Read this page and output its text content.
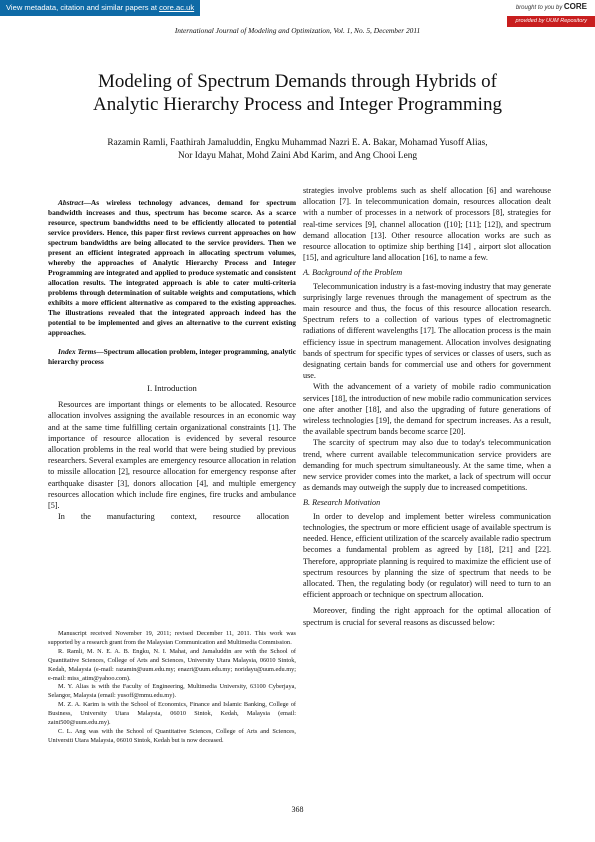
View metadata, citation and similar papers at core.ac.uk	brought to you by CORE
provided by UUM Repository
International Journal of Modeling and Optimization, Vol. 1, No. 5, December 2011
Modeling of Spectrum Demands through Hybrids of
Analytic Hierarchy Process and Integer Programming
Razamin Ramli, Faathirah Jamaluddin, Engku Muhammad Nazri E. A. Bakar, Mohamad Yusoff Alias,
Nor Idayu Mahat, Mohd Zaini Abd Karim, and Ang Chooi Leng

Abstract—As wireless technology advances, demand for spectrum bandwidth increases and thus, spectrum has become scarce. As a scarce resource, spectrum bandwidths need to be efficiently allocated to potential service providers. Hence, this paper first reviews current approaches on how spectrum bandwidths are being allocated to the service providers. Then we present an efficient integrated approach in allocating spectrum volumes, whereby the approaches of Analytic Hierarchy Process and Integer Programming are integrated and applied to produce systematic and consistent allocation results. The integrated approach is able to cater multi-criteria problems through determination of suitable weights and computations, which exhibits a more efficient alternative as compared to the existing approaches. The illustrations revealed that the integrated approach indeed has the potential to be implemented and gives an alternative to the current existing approaches.

Index Terms—Spectrum allocation problem, integer programming, analytic hierarchy process

I. Introduction

Resources are important things or elements to be allocated. Resource allocation involves assigning the available resources in an economic way and at the same time fulfilling certain organizational constraints [1]. The importance of resource allocation is evidenced by several resource allocation problems in the real world that were being studied by previous researchers. Several examples are emergency resource allocation in relation to missile allocation [2], resource allocation for emergency response after earthquake disaster [3], donors allocation [4], and multiple emergency resources allocation which include fire engines, fire trucks and ambulance [5].

In the manufacturing context, resource allocation

Manuscript received November 19, 2011; revised December 11, 2011. This work was supported by a research grant from the Malaysian Communication and Multimedia Commission.

R. Ramli, M. N. E. A. B. Engku, N. I. Mahat, and Jamaluddin are with the School of Quantitative Sciences, College of Arts and Sciences, University Utara Malaysia, 06010 Sintok, Kedah, Malaysia (e-mail: razamin@uum.edu.my; enazri@uum.edu.my; noridayu@uum.edu.my; e-mail: miss_atim@yahoo.com).

M. Y. Alias is with the Faculty of Engineering, Multimedia University, 63100 Cyberjaya, Selangor, Malaysia (email: yusoff@mmu.edu.my).

M. Z. A. Karim is with the School of Economics, Finance and Islamic Banking, College of Business, University Utara Malaysia, 06010 Sintok, Kedah, Malaysia (email: zaini500@uum.edu.my).

C. L. Ang was with the School of Quantitative Sciences, College of Arts and Sciences, Universiti Utara Malaysia, 06010 Sintok, Kedah but is now deceased.

strategies involve problems such as shelf allocation [6] and warehouse allocation [7]. In telecommunication domain, resources allocation dealt with a number of processes in a network of processors [8], strategies for real-time services [9], channel allocation ([10]; [11]; [12]), and spectrum demand allocation [13]. Other resource allocation works are such as resource allocation to optimize ship berthing [14] , airport slot allocation [15], and agriculture land allocation [16], to name a few.

A. Background of the Problem

Telecommunication industry is a fast-moving industry that may generate surprisingly large revenues through the management of spectrum as the main resource and thus, the focus of this resource allocation research. Spectrum refers to a collection of various types of electromagnetic radiations of different wavelengths [17]. The allocation process is the main efficiency issue in spectrum management. Allocation involves designating bands of spectrum for specific types of services or classes of users, such as designating certain bands for commercial use and others for government use.

With the advancement of a variety of mobile radio communication services [18], the introduction of new mobile radio communication services one after another [18], and also the upgrading of future generations of wireless technologies [19], the demand for spectrum increases. As a result, the available spectrum bands become scarce [20].

The scarcity of spectrum may also due to today's telecommunication trend, where current available telecommunication service providers are demanding for much spectrum simultaneously. At the same time, when a new service provider comes into the market, a lack of spectrum will occur as demands may outweigh the supply due to increased competitions.

B. Research Motivation

In order to develop and implement better wireless communication technologies, the spectrum or more efficient usage of available spectrum is needed. Hence, efficient utilization of the scarcely available radio spectrum becomes a fundamental problem as agreed by [18], [21] and [22]. Therefore, appropriate planning is required to maximize the efficient use of spectrum resources by planning the size of spectrum that needs to be allocated. Then, the regulating body (or regulator) will need to turn to an efficient approach or technique on spectrum allocation.

Moreover, finding the right approach for the optimal allocation of spectrum is crucial for several reasons as discussed below:

368
